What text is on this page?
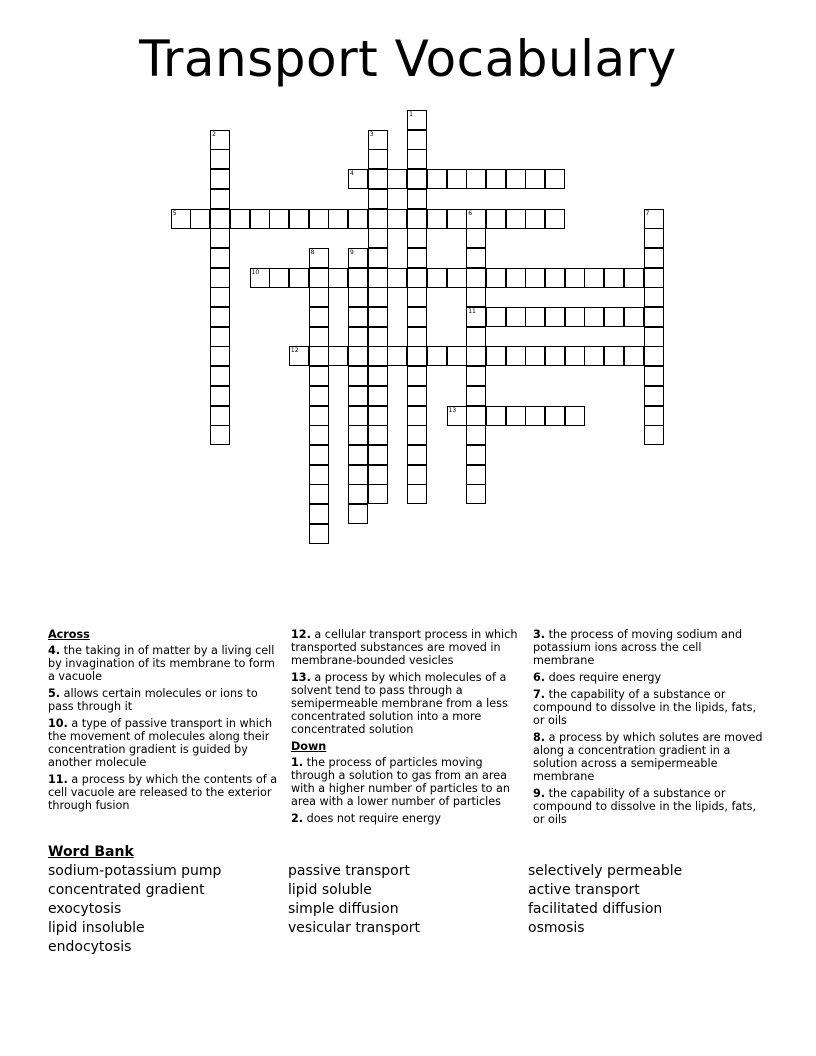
Transport Vocabulary
1
2	3
4
5	6
11
7
8	9
10
12
13
Across
4. the taking in of matter by a living cell by invagination of its membrane to form a vacuole
5. allows certain molecules or ions to pass through it
10. a type of passive transport in which the movement of molecules along their concentration gradient is guided by another molecule
11. a process by which the contents of a cell vacuole are released to the exterior through fusion
12. a cellular transport process in which transported substances are moved in membrane-bounded vesicles
13. a process by which molecules of a solvent tend to pass through a semipermeable membrane from a less concentrated solution into a more concentrated solution
Down
1. the process of particles moving through a solution to gas from an area with a higher number of particles to an area with a lower number of particles
2. does not require energy
3. the process of moving sodium and potassium ions across the cell membrane
6. does require energy
7. the capability of a substance or compound to dissolve in the lipids, fats, or oils
8. a process by which solutes are moved along a concentration gradient in a solution across a semipermeable membrane
9. the capability of a substance or compound to dissolve in the lipids, fats, or oils
Word Bank
sodium-potassium pump	passive transport	selectively permeable
concentrated gradient	lipid soluble	active transport
exocytosis	simple diffusion	facilitated diffusion
lipid insoluble	vesicular transport	osmosis
endocytosis
